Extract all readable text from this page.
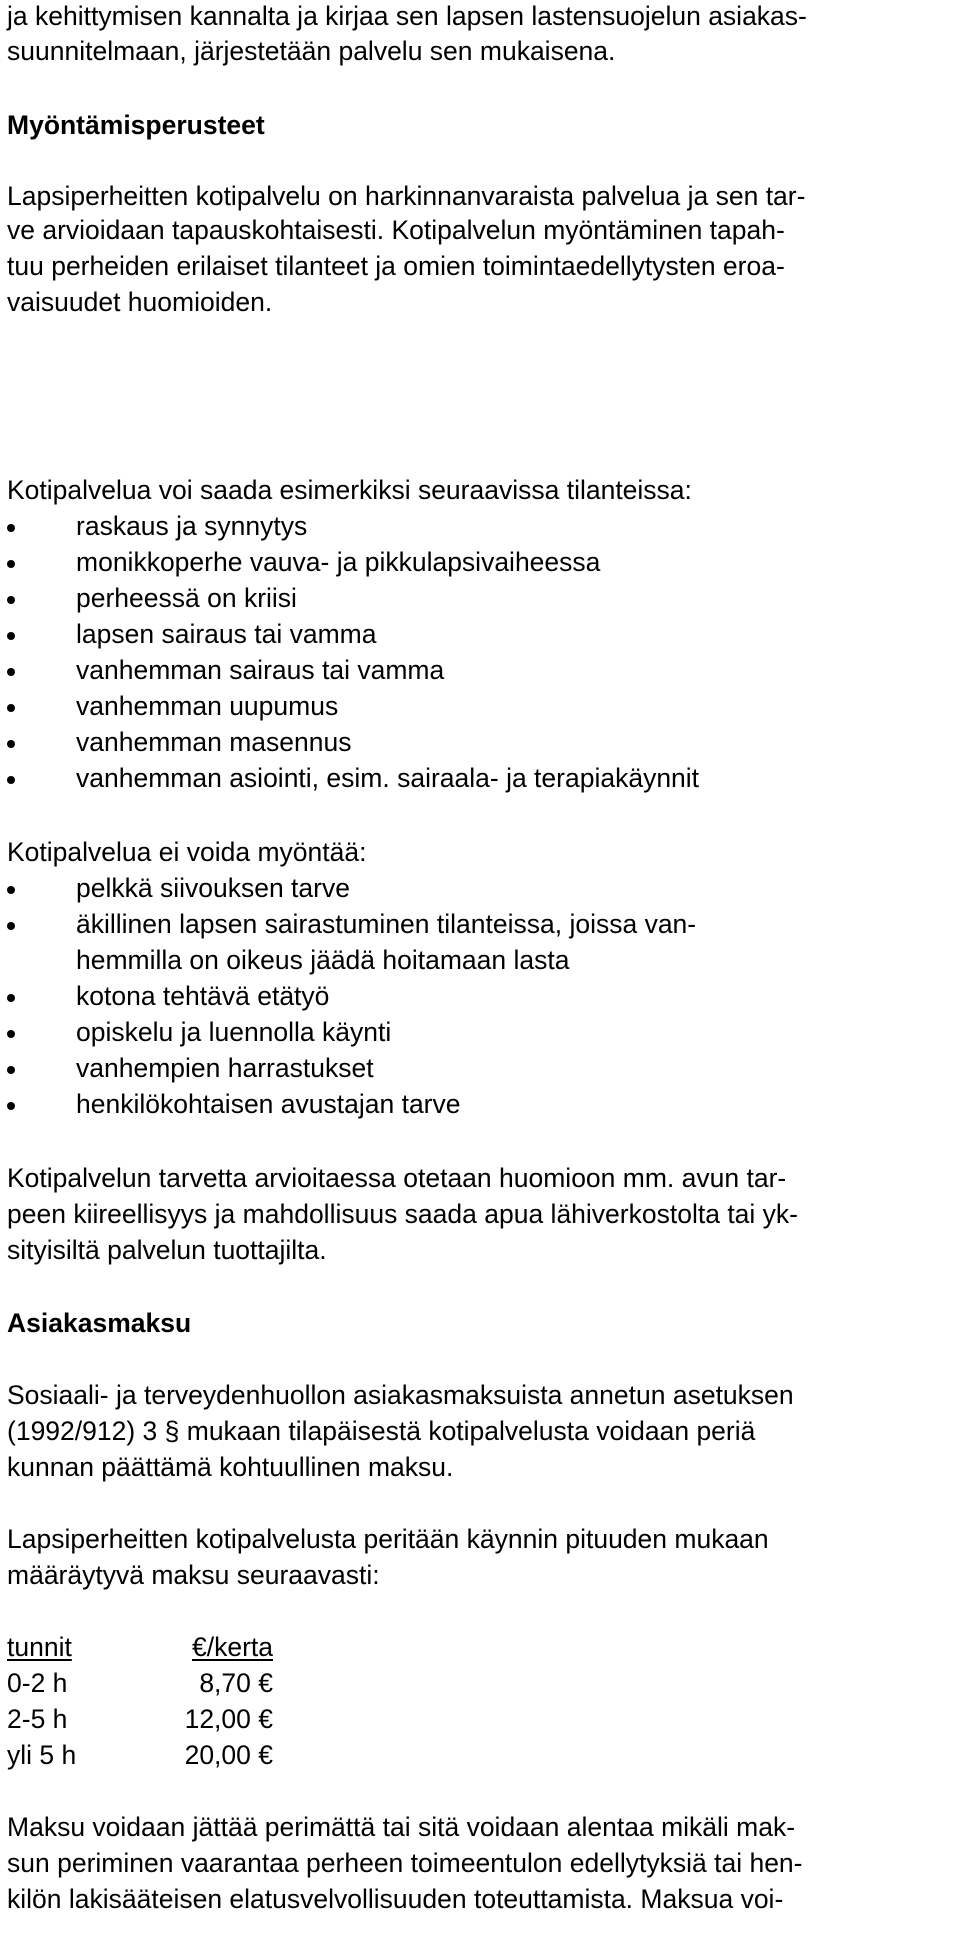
ja kehittymisen kannalta ja kirjaa sen lapsen lastensuojelun asiakas-
suunnitelmaan, järjestetään palvelu sen mukaisena.
Myöntämisperusteet
Lapsiperheitten kotipalvelu on harkinnanvaraista palvelua ja sen tar-
ve arvioidaan tapauskohtaisesti. Kotipalvelun myöntäminen tapah-
tuu perheiden erilaiset tilanteet ja omien toimintaedellytysten eroa-
vaisuudet huomioiden.
Kotipalvelua voi saada esimerkiksi seuraavissa tilanteissa:
raskaus ja synnytys
monikkoperhe vauva- ja pikkulapsivaiheessa
perheessä on kriisi
lapsen sairaus tai vamma
vanhemman sairaus tai vamma
vanhemman uupumus
vanhemman masennus
vanhemman asiointi, esim. sairaala- ja terapiakäynnit
Kotipalvelua ei voida myöntää:
pelkkä siivouksen tarve
äkillinen lapsen sairastuminen tilanteissa, joissa van-
hemmilla on oikeus jäädä hoitamaan lasta
kotona tehtävä etätyö
opiskelu ja luennolla käynti
vanhempien harrastukset
henkilökohtaisen avustajan tarve
Kotipalvelun tarvetta arvioitaessa otetaan huomioon mm. avun tar-
peen kiireellisyys ja mahdollisuus saada apua lähiverkostolta tai yk-
sityisiltä palvelun tuottajilta.
Asiakasmaksu
Sosiaali- ja terveydenhuollon asiakasmaksuista annetun asetuksen
(1992/912) 3 § mukaan tilapäisestä kotipalvelusta voidaan periä
kunnan päättämä kohtuullinen maksu.
Lapsiperheitten kotipalvelusta peritään käynnin pituuden mukaan
määräytyvä maksu seuraavasti:
tunnit	€/kerta
0-2 h	8,70 €
2-5 h	12,00 €
yli 5 h	20,00 €
Maksu voidaan jättää perimättä tai sitä voidaan alentaa mikäli mak-
sun periminen vaarantaa perheen toimeentulon edellytyksiä tai hen-
kilön lakisääteisen elatusvelvollisuuden toteuttamista. Maksua voi-
